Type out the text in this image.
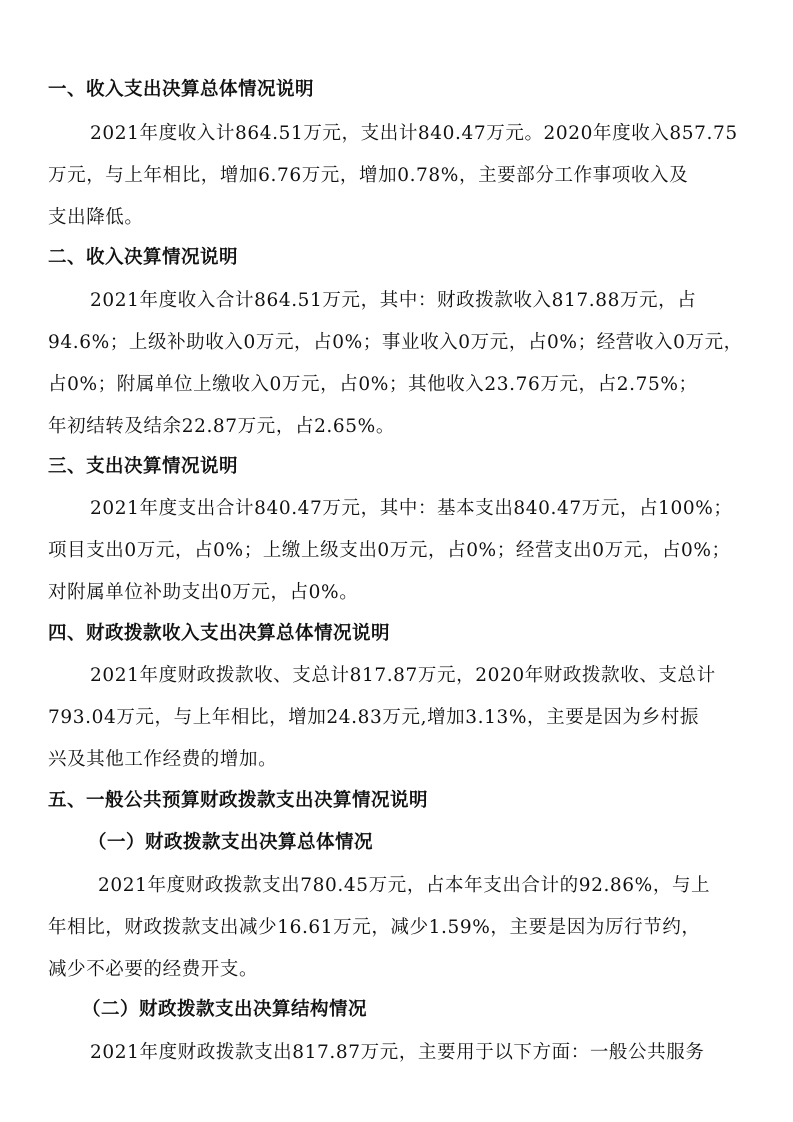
一、收入支出决算总体情况说明
2021年度收入计864.51万元，支出计840.47万元。2020年度收入857.75
万元，与上年相比，增加6.76万元，增加0.78%，主要部分工作事项收入及
支出降低。
二、收入决算情况说明
2021年度收入合计864.51万元，其中：财政拨款收入817.88万元，占
94.6%；上级补助收入0万元，占0%；事业收入0万元，占0%；经营收入0万元，
占0%；附属单位上缴收入0万元，占0%；其他收入23.76万元，占2.75%；
年初结转及结余22.87万元，占2.65%。
三、支出决算情况说明
2021年度支出合计840.47万元，其中：基本支出840.47万元，占100%；
项目支出0万元，占0%；上缴上级支出0万元，占0%；经营支出0万元，占0%；
对附属单位补助支出0万元，占0%。
四、财政拨款收入支出决算总体情况说明
2021年度财政拨款收、支总计817.87万元，2020年财政拨款收、支总计
793.04万元，与上年相比，增加24.83万元,增加3.13%，主要是因为乡村振
兴及其他工作经费的增加。
五、一般公共预算财政拨款支出决算情况说明
（一）财政拨款支出决算总体情况
2021年度财政拨款支出780.45万元，占本年支出合计的92.86%，与上
年相比，财政拨款支出减少16.61万元，减少1.59%，主要是因为厉行节约，
减少不必要的经费开支。
（二）财政拨款支出决算结构情况
2021年度财政拨款支出817.87万元，主要用于以下方面：一般公共服务
